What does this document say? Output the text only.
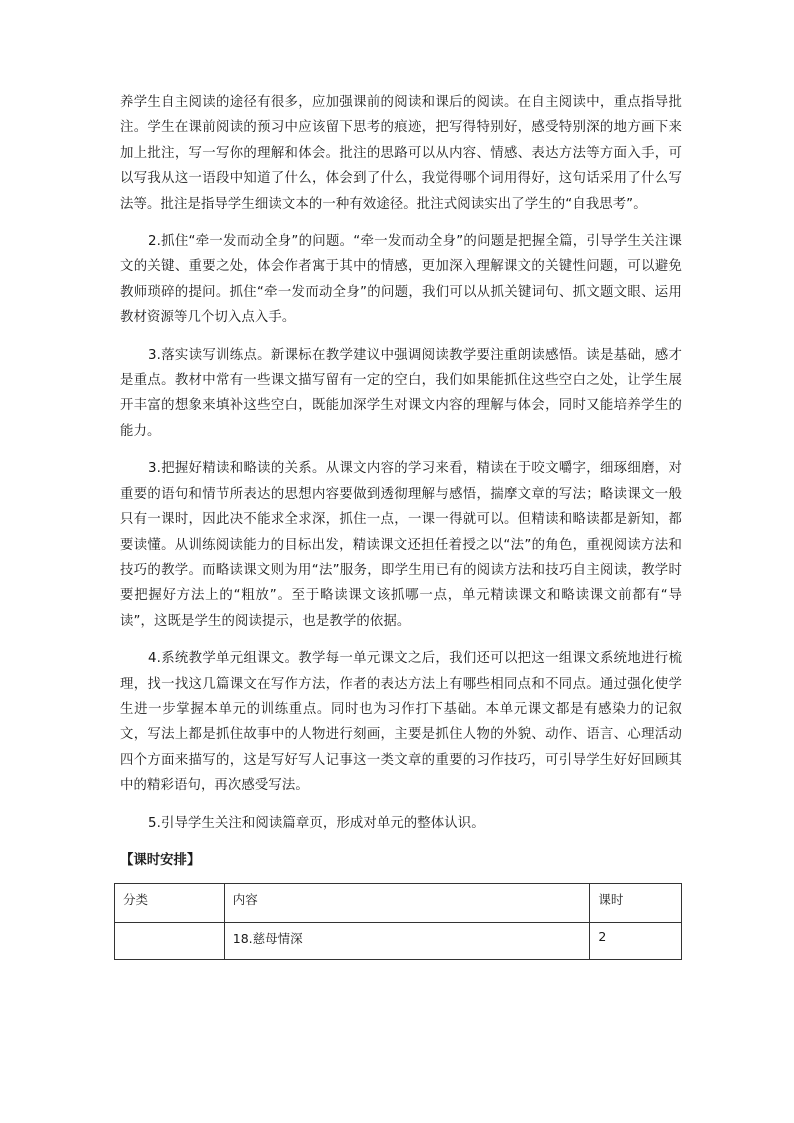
养学生自主阅读的途径有很多，应加强课前的阅读和课后的阅读。在自主阅读中，重点指导批注。学生在课前阅读的预习中应该留下思考的痕迹，把写得特别好，感受特别深的地方画下来加上批注，写一写你的理解和体会。批注的思路可以从内容、情感、表达方法等方面入手，可以写我从这一语段中知道了什么，体会到了什么，我觉得哪个词用得好，这句话采用了什么写法等。批注是指导学生细读文本的一种有效途径。批注式阅读实出了学生的“自我思考”。

2.抓住“牵一发而动全身”的问题。“牵一发而动全身”的问题是把握全篇，引导学生关注课文的关键、重要之处，体会作者寓于其中的情感，更加深入理解课文的关键性问题，可以避免教师琐碎的提问。抓住“牵一发而动全身”的问题，我们可以从抓关键词句、抓文题文眼、运用教材资源等几个切入点入手。

3.落实读写训练点。新课标在教学建议中强调阅读教学要注重朗读感悟。读是基础，感才是重点。教材中常有一些课文描写留有一定的空白，我们如果能抓住这些空白之处，让学生展开丰富的想象来填补这些空白，既能加深学生对课文内容的理解与体会，同时又能培养学生的能力。

3.把握好精读和略读的关系。从课文内容的学习来看，精读在于咬文嚼字，细琢细磨，对重要的语句和情节所表达的思想内容要做到透彻理解与感悟，揣摩文章的写法；略读课文一般只有一课时，因此决不能求全求深，抓住一点，一课一得就可以。但精读和略读都是新知，都要读懂。从训练阅读能力的目标出发，精读课文还担任着授之以“法”的角色，重视阅读方法和技巧的教学。而略读课文则为用“法”服务，即学生用已有的阅读方法和技巧自主阅读，教学时要把握好方法上的“粗放”。至于略读课文该抓哪一点，单元精读课文和略读课文前都有“导读”，这既是学生的阅读提示，也是教学的依据。

4.系统教学单元组课文。教学每一单元课文之后，我们还可以把这一组课文系统地进行梳理，找一找这几篇课文在写作方法，作者的表达方法上有哪些相同点和不同点。通过强化使学生进一步掌握本单元的训练重点。同时也为习作打下基础。本单元课文都是有感染力的记叙文，写法上都是抓住故事中的人物进行刻画，主要是抓住人物的外貌、动作、语言、心理活动四个方面来描写的，这是写好写人记事这一类文章的重要的习作技巧，可引导学生好好回顾其中的精彩语句，再次感受写法。

5.引导学生关注和阅读篇章页，形成对单元的整体认识。

【课时安排】

分类	内容	课时
	18.慈母情深	2
